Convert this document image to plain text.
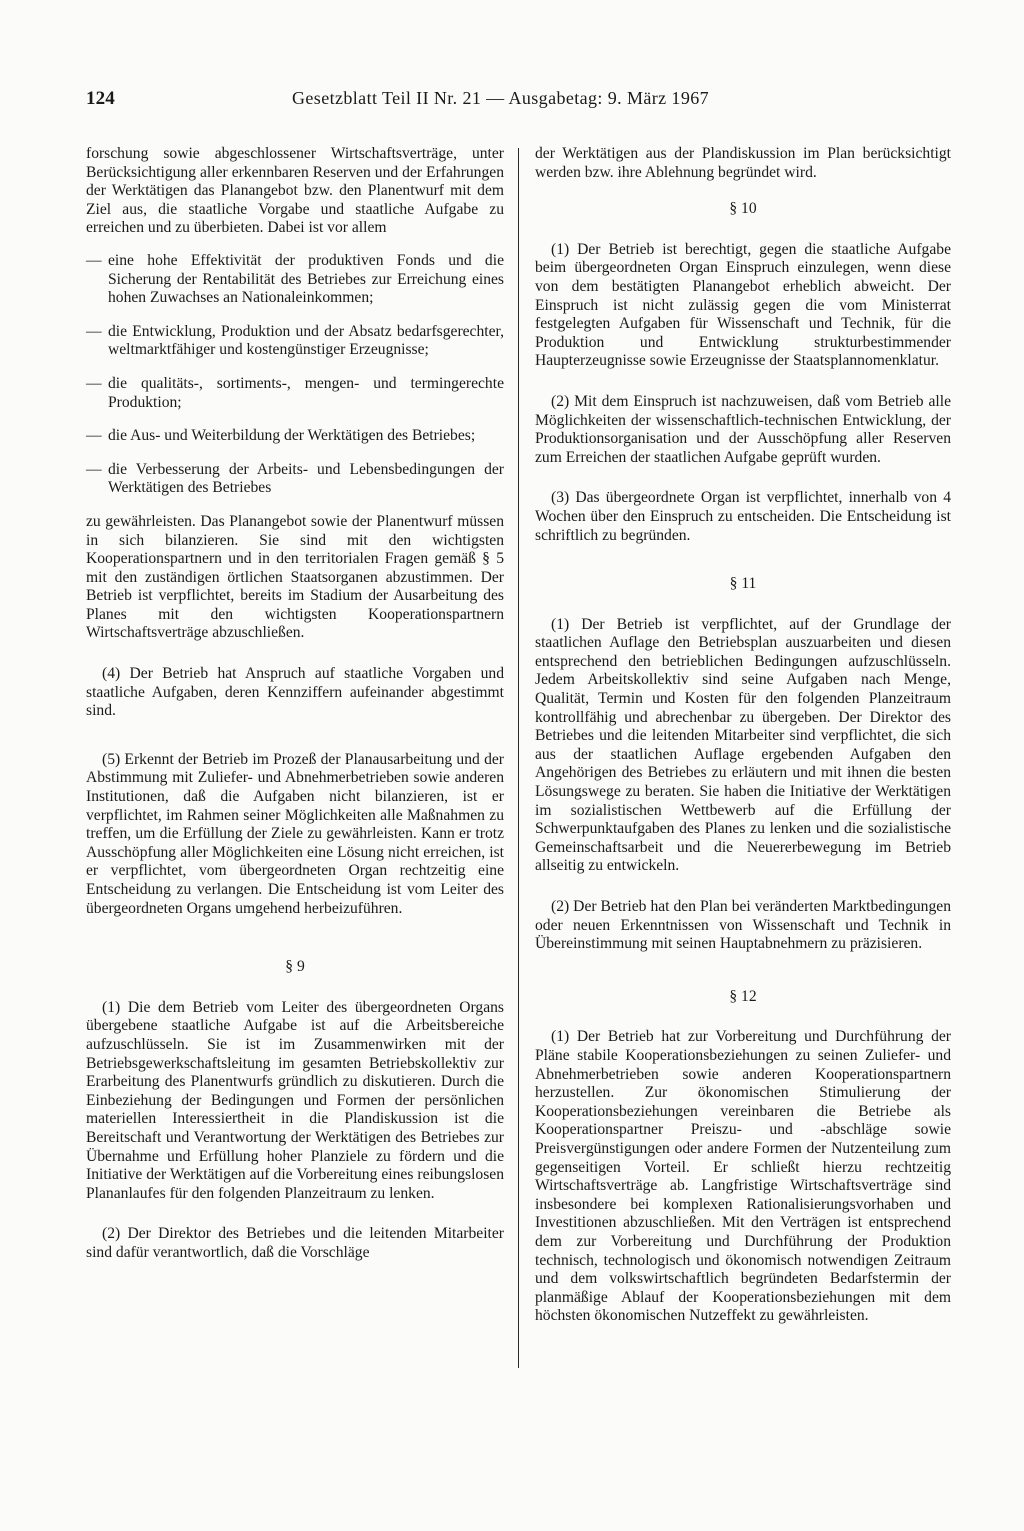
124	Gesetzblatt Teil II Nr. 21 — Ausgabetag: 9. März 1967

forschung sowie abgeschlossener Wirtschaftsverträge, unter Berücksichtigung aller erkennbaren Reserven und der Erfahrungen der Werktätigen das Planangebot bzw. den Planentwurf mit dem Ziel aus, die staatliche Vorgabe und staatliche Aufgabe zu erreichen und zu überbieten. Dabei ist vor allem

— eine hohe Effektivität der produktiven Fonds und die Sicherung der Rentabilität des Betriebes zur Erreichung eines hohen Zuwachses an Nationaleinkommen;
— die Entwicklung, Produktion und der Absatz bedarfsgerechter, weltmarktfähiger und kostengünstiger Erzeugnisse;
— die qualitäts-, sortiments-, mengen- und termingerechte Produktion;
— die Aus- und Weiterbildung der Werktätigen des Betriebes;
— die Verbesserung der Arbeits- und Lebensbedingungen der Werktätigen des Betriebes

zu gewährleisten. Das Planangebot sowie der Planentwurf müssen in sich bilanzieren. Sie sind mit den wichtigsten Kooperationspartnern und in den territorialen Fragen gemäß § 5 mit den zuständigen örtlichen Staatsorganen abzustimmen. Der Betrieb ist verpflichtet, bereits im Stadium der Ausarbeitung des Planes mit den wichtigsten Kooperationspartnern Wirtschaftsverträge abzuschließen.

(4) Der Betrieb hat Anspruch auf staatliche Vorgaben und staatliche Aufgaben, deren Kennziffern aufeinander abgestimmt sind.

(5) Erkennt der Betrieb im Prozeß der Planausarbeitung und der Abstimmung mit Zuliefer- und Abnehmerbetrieben sowie anderen Institutionen, daß die Aufgaben nicht bilanzieren, ist er verpflichtet, im Rahmen seiner Möglichkeiten alle Maßnahmen zu treffen, um die Erfüllung der Ziele zu gewährleisten. Kann er trotz Ausschöpfung aller Möglichkeiten eine Lösung nicht erreichen, ist er verpflichtet, vom übergeordneten Organ rechtzeitig eine Entscheidung zu verlangen. Die Entscheidung ist vom Leiter des übergeordneten Organs umgehend herbeizuführen.

§ 9

(1) Die dem Betrieb vom Leiter des übergeordneten Organs übergebene staatliche Aufgabe ist auf die Arbeitsbereiche aufzuschlüsseln. Sie ist im Zusammenwirken mit der Betriebsgewerkschaftsleitung im gesamten Betriebskollektiv zur Erarbeitung des Planentwurfs gründlich zu diskutieren. Durch die Einbeziehung der Bedingungen und Formen der persönlichen materiellen Interessiertheit in die Plandiskussion ist die Bereitschaft und Verantwortung der Werktätigen des Betriebes zur Übernahme und Erfüllung hoher Planziele zu fördern und die Initiative der Werktätigen auf die Vorbereitung eines reibungslosen Plananlaufes für den folgenden Planzeitraum zu lenken.

(2) Der Direktor des Betriebes und die leitenden Mitarbeiter sind dafür verantwortlich, daß die Vorschläge

der Werktätigen aus der Plandiskussion im Plan berücksichtigt werden bzw. ihre Ablehnung begründet wird.

§ 10

(1) Der Betrieb ist berechtigt, gegen die staatliche Aufgabe beim übergeordneten Organ Einspruch einzulegen, wenn diese von dem bestätigten Planangebot erheblich abweicht. Der Einspruch ist nicht zulässig gegen die vom Ministerrat festgelegten Aufgaben für Wissenschaft und Technik, für die Produktion und Entwicklung strukturbestimmender Haupterzeugnisse sowie Erzeugnisse der Staatsplannomenklatur.

(2) Mit dem Einspruch ist nachzuweisen, daß vom Betrieb alle Möglichkeiten der wissenschaftlich-technischen Entwicklung, der Produktionsorganisation und der Ausschöpfung aller Reserven zum Erreichen der staatlichen Aufgabe geprüft wurden.

(3) Das übergeordnete Organ ist verpflichtet, innerhalb von 4 Wochen über den Einspruch zu entscheiden. Die Entscheidung ist schriftlich zu begründen.

§ 11

(1) Der Betrieb ist verpflichtet, auf der Grundlage der staatlichen Auflage den Betriebsplan auszuarbeiten und diesen entsprechend den betrieblichen Bedingungen aufzuschlüsseln. Jedem Arbeitskollektiv sind seine Aufgaben nach Menge, Qualität, Termin und Kosten für den folgenden Planzeitraum kontrollfähig und abrechenbar zu übergeben. Der Direktor des Betriebes und die leitenden Mitarbeiter sind verpflichtet, die sich aus der staatlichen Auflage ergebenden Aufgaben den Angehörigen des Betriebes zu erläutern und mit ihnen die besten Lösungswege zu beraten. Sie haben die Initiative der Werktätigen im sozialistischen Wettbewerb auf die Erfüllung der Schwerpunktaufgaben des Planes zu lenken und die sozialistische Gemeinschaftsarbeit und die Neuererbewegung im Betrieb allseitig zu entwickeln.

(2) Der Betrieb hat den Plan bei veränderten Marktbedingungen oder neuen Erkenntnissen von Wissenschaft und Technik in Übereinstimmung mit seinen Hauptabnehmern zu präzisieren.

§ 12

(1) Der Betrieb hat zur Vorbereitung und Durchführung der Pläne stabile Kooperationsbeziehungen zu seinen Zuliefer- und Abnehmerbetrieben sowie anderen Kooperationspartnern herzustellen. Zur ökonomischen Stimulierung der Kooperationsbeziehungen vereinbaren die Betriebe als Kooperationspartner Preiszu- und -abschläge sowie Preisvergünstigungen oder andere Formen der Nutzenteilung zum gegenseitigen Vorteil. Er schließt hierzu rechtzeitig Wirtschaftsverträge ab. Langfristige Wirtschaftsverträge sind insbesondere bei komplexen Rationalisierungsvorhaben und Investitionen abzuschließen. Mit den Verträgen ist entsprechend dem zur Vorbereitung und Durchführung der Produktion technisch, technologisch und ökonomisch notwendigen Zeitraum und dem volkswirtschaftlich begründeten Bedarfstermin der planmäßige Ablauf der Kooperationsbeziehungen mit dem höchsten ökonomischen Nutzeffekt zu gewährleisten.
